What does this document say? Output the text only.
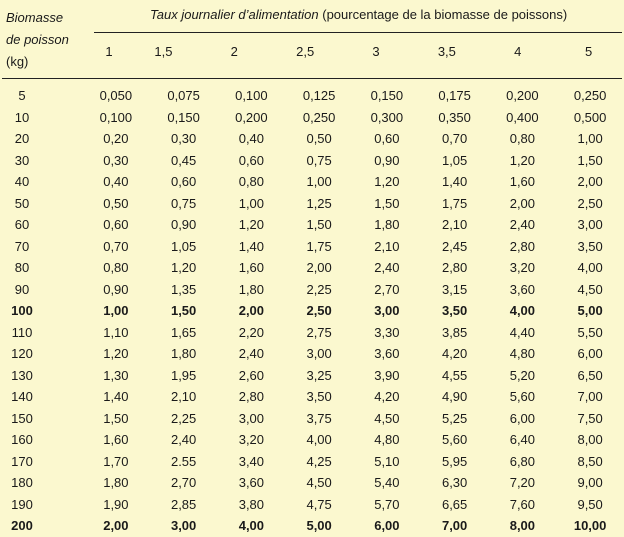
Biomasse
de poisson
(kg)
Taux journalier d’alimentation (pourcentage de la biomasse de poissons)
1	1,5	2	2,5	3	3,5	4	5
5	0,050	0,075	0,100	0,125	0,150	0,175	0,200	0,250
10	0,100	0,150	0,200	0,250	0,300	0,350	0,400	0,500
20	0,20	0,30	0,40	0,50	0,60	0,70	0,80	1,00
30	0,30	0,45	0,60	0,75	0,90	1,05	1,20	1,50
40	0,40	0,60	0,80	1,00	1,20	1,40	1,60	2,00
50	0,50	0,75	1,00	1,25	1,50	1,75	2,00	2,50
60	0,60	0,90	1,20	1,50	1,80	2,10	2,40	3,00
70	0,70	1,05	1,40	1,75	2,10	2,45	2,80	3,50
80	0,80	1,20	1,60	2,00	2,40	2,80	3,20	4,00
90	0,90	1,35	1,80	2,25	2,70	3,15	3,60	4,50
100	1,00	1,50	2,00	2,50	3,00	3,50	4,00	5,00
110	1,10	1,65	2,20	2,75	3,30	3,85	4,40	5,50
120	1,20	1,80	2,40	3,00	3,60	4,20	4,80	6,00
130	1,30	1,95	2,60	3,25	3,90	4,55	5,20	6,50
140	1,40	2,10	2,80	3,50	4,20	4,90	5,60	7,00
150	1,50	2,25	3,00	3,75	4,50	5,25	6,00	7,50
160	1,60	2,40	3,20	4,00	4,80	5,60	6,40	8,00
170	1,70	2.55	3,40	4,25	5,10	5,95	6,80	8,50
180	1,80	2,70	3,60	4,50	5,40	6,30	7,20	9,00
190	1,90	2,85	3,80	4,75	5,70	6,65	7,60	9,50
200	2,00	3,00	4,00	5,00	6,00	7,00	8,00	10,00
